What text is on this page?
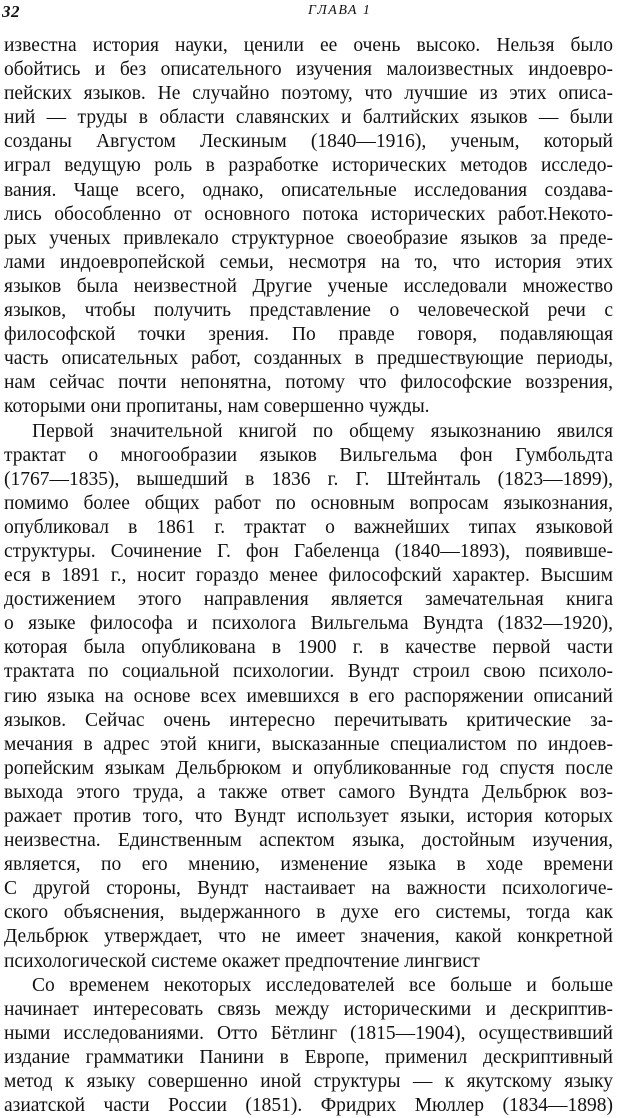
32	ГЛАВА 1
известна история науки, ценили ее очень высоко. Нельзя было
обойтись и без описательного изучения малоизвестных индоевро-
пейских языков. Не случайно поэтому, что лучшие из этих описа-
ний — труды в области славянских и балтийских языков — были
созданы Августом Лескиным (1840—1916), ученым, который
играл ведущую роль в разработке исторических методов исследо-
вания. Чаще всего, однако, описательные исследования создава-
лись обособленно от основного потока исторических работ.Некото-
рых ученых привлекало структурное своеобразие языков за преде-
лами индоевропейской семьи, несмотря на то, что история этих
языков была неизвестной Другие ученые исследовали множество
языков, чтобы получить представление о человеческой речи с
философской точки зрения. По правде говоря, подавляющая
часть описательных работ, созданных в предшествующие периоды,
нам сейчас почти непонятна, потому что философские воззрения,
которыми они пропитаны, нам совершенно чужды.
Первой значительной книгой по общему языкознанию явился
трактат о многообразии языков Вильгельма фон Гумбольдта
(1767—1835), вышедший в 1836 г. Г. Штейнталь (1823—1899),
помимо более общих работ по основным вопросам языкознания,
опубликовал в 1861 г. трактат о важнейших типах языковой
структуры. Сочинение Г. фон Габеленца (1840—1893), появивше-
еся в 1891 г., носит гораздо менее философский характер. Высшим
достижением этого направления является замечательная книга
о языке философа и психолога Вильгельма Вундта (1832—1920),
которая была опубликована в 1900 г. в качестве первой части
трактата по социальной психологии. Вундт строил свою психоло-
гию языка на основе всех имевшихся в его распоряжении описаний
языков. Сейчас очень интересно перечитывать критические за-
мечания в адрес этой книги, высказанные специалистом по индоев-
ропейским языкам Дельбрюком и опубликованные год спустя после
выхода этого труда, а также ответ самого Вундта Дельбрюк воз-
ражает против того, что Вундт использует языки, история которых
неизвестна. Единственным аспектом языка, достойным изучения,
является, по его мнению, изменение языка в ходе времени
С другой стороны, Вундт настаивает на важности психологиче-
ского объяснения, выдержанного в духе его системы, тогда как
Дельбрюк утверждает, что не имеет значения, какой конкретной
психологической системе окажет предпочтение лингвист
Со временем некоторых исследователей все больше и больше
начинает интересовать связь между историческими и дескриптив-
ными исследованиями. Отто Бётлинг (1815—1904), осуществивший
издание грамматики Панини в Европе, применил дескриптивный
метод к языку совершенно иной структуры — к якутскому языку
азиатской части России (1851). Фридрих Мюллер (1834—1898)
